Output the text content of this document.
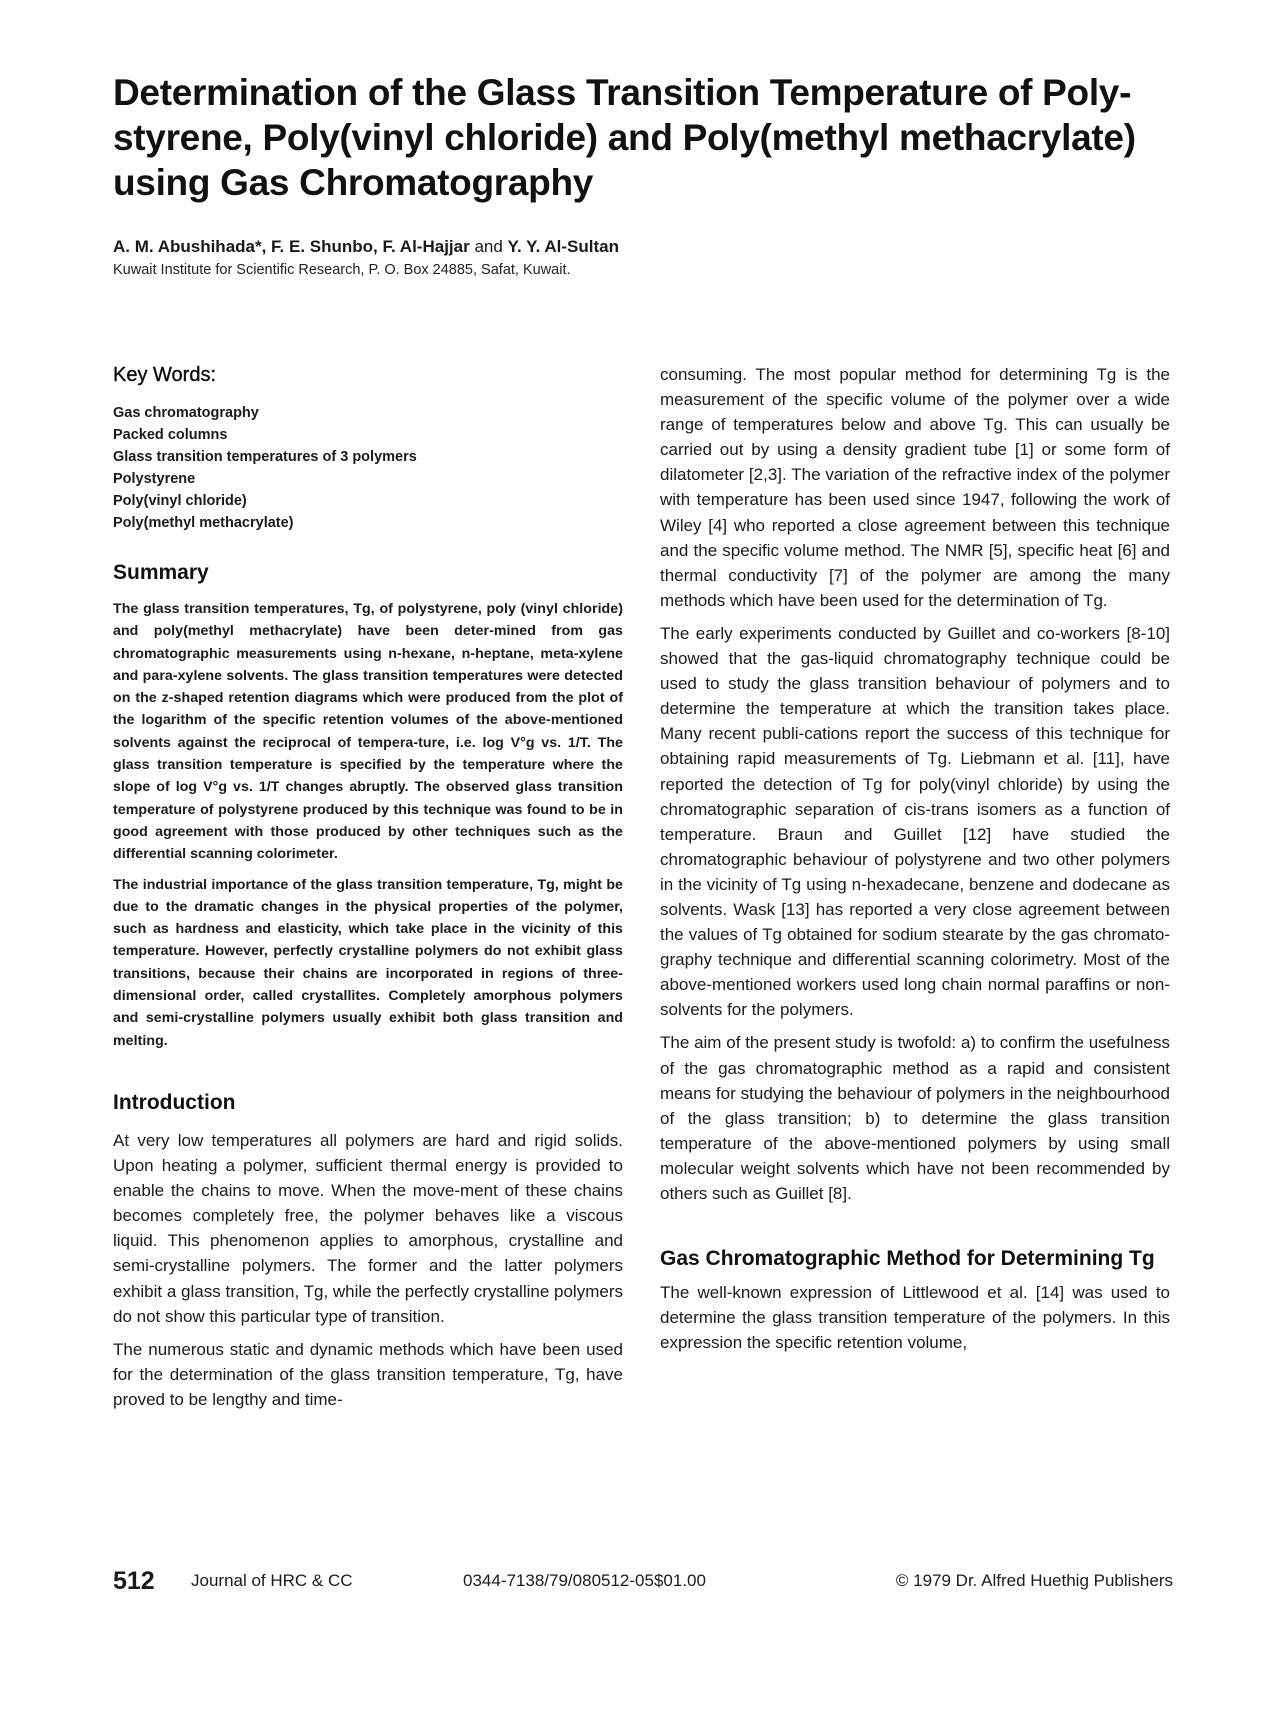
Determination of the Glass Transition Temperature of Poly-styrene, Poly(vinyl chloride) and Poly(methyl methacrylate) using Gas Chromatography

A. M. Abushihada*, F. E. Shunbo, F. Al-Hajjar and Y. Y. Al-Sultan

Kuwait Institute for Scientific Research, P. O. Box 24885, Safat, Kuwait.

Key Words:
Gas chromatography
Packed columns
Glass transition temperatures of 3 polymers
Polystyrene
Poly(vinyl chloride)
Poly(methyl methacrylate)
Summary

The glass transition temperatures, Tg, of polystyrene, poly (vinyl chloride) and poly(methyl methacrylate) have been deter-mined from gas chromatographic measurements using n-hexane, n-heptane, meta-xylene and para-xylene solvents. The glass transition temperatures were detected on the z-shaped retention diagrams which were produced from the plot of the logarithm of the specific retention volumes of the above-mentioned solvents against the reciprocal of tempera-ture, i.e. log V°g vs. 1/T. The glass transition temperature is specified by the temperature where the slope of log V°g vs. 1/T changes abruptly. The observed glass transition temperature of polystyrene produced by this technique was found to be in good agreement with those produced by other techniques such as the differential scanning colorimeter.

The industrial importance of the glass transition temperature, Tg, might be due to the dramatic changes in the physical properties of the polymer, such as hardness and elasticity, which take place in the vicinity of this temperature. However, perfectly crystalline polymers do not exhibit glass transitions, because their chains are incorporated in regions of three-dimensional order, called crystallites. Completely amorphous polymers and semi-crystalline polymers usually exhibit both glass transition and melting.

Introduction

At very low temperatures all polymers are hard and rigid solids. Upon heating a polymer, sufficient thermal energy is provided to enable the chains to move. When the move-ment of these chains becomes completely free, the polymer behaves like a viscous liquid. This phenomenon applies to amorphous, crystalline and semi-crystalline polymers. The former and the latter polymers exhibit a glass transition, Tg, while the perfectly crystalline polymers do not show this particular type of transition.

The numerous static and dynamic methods which have been used for the determination of the glass transition temperature, Tg, have proved to be lengthy and time-

consuming. The most popular method for determining Tg is the measurement of the specific volume of the polymer over a wide range of temperatures below and above Tg. This can usually be carried out by using a density gradient tube [1] or some form of dilatometer [2,3]. The variation of the refractive index of the polymer with temperature has been used since 1947, following the work of Wiley [4] who reported a close agreement between this technique and the specific volume method. The NMR [5], specific heat [6] and thermal conductivity [7] of the polymer are among the many methods which have been used for the determination of Tg.

The early experiments conducted by Guillet and co-workers [8-10] showed that the gas-liquid chromatography technique could be used to study the glass transition behaviour of polymers and to determine the temperature at which the transition takes place. Many recent publi-cations report the success of this technique for obtaining rapid measurements of Tg. Liebmann et al. [11], have reported the detection of Tg for poly(vinyl chloride) by using the chromatographic separation of cis-trans isomers as a function of temperature. Braun and Guillet [12] have studied the chromatographic behaviour of polystyrene and two other polymers in the vicinity of Tg using n-hexadecane, benzene and dodecane as solvents. Wask [13] has reported a very close agreement between the values of Tg obtained for sodium stearate by the gas chromato-graphy technique and differential scanning colorimetry. Most of the above-mentioned workers used long chain normal paraffins or non-solvents for the polymers.

The aim of the present study is twofold: a) to confirm the usefulness of the gas chromatographic method as a rapid and consistent means for studying the behaviour of polymers in the neighbourhood of the glass transition; b) to determine the glass transition temperature of the above-mentioned polymers by using small molecular weight solvents which have not been recommended by others such as Guillet [8].

Gas Chromatographic Method for Determining Tg

The well-known expression of Littlewood et al. [14] was used to determine the glass transition temperature of the polymers. In this expression the specific retention volume,

512 Journal of HRC & CC	0344-7138/79/080512-05$01.00	© 1979 Dr. Alfred Huethig Publishers
